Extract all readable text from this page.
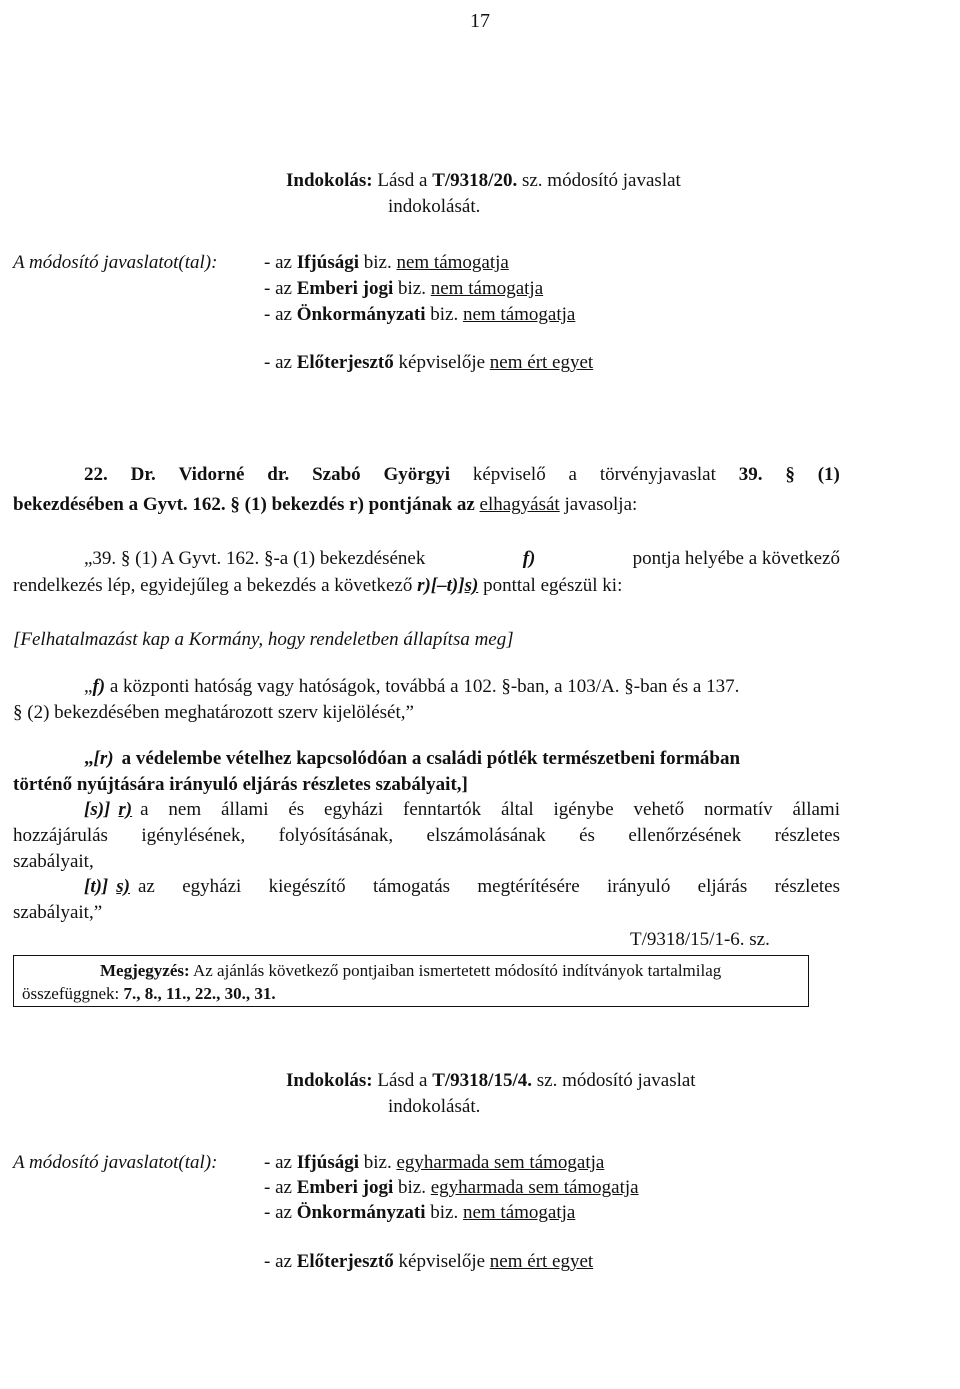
17
Indokolás: Lásd a T/9318/20. sz. módosító javaslat
indokolását.
A módosító javaslatot(tal): - az Ifjúsági biz. nem támogatja
- az Emberi jogi biz. nem támogatja
- az Önkormányzati biz. nem támogatja
- az Előterjesztő képviselője nem ért egyet
22. Dr. Vidorné dr. Szabó Györgyi képviselő a törvényjavaslat 39. § (1)
bekezdésében a Gyvt. 162. § (1) bekezdés r) pontjának az elhagyását javasolja:
„39. § (1) A Gyvt. 162. §-a (1) bekezdésének	f)	pontja helyébe a következő
rendelkezés lép, egyidejűleg a bekezdés a következő r)[–t)]s) ponttal egészül ki:
[Felhatalmazást kap a Kormány, hogy rendeletben állapítsa meg]
„f) a központi hatóság vagy hatóságok, továbbá a 102. §-ban, a 103/A. §-ban és a 137.
§ (2) bekezdésében meghatározott szerv kijelölését,”
„[r) a védelembe vételhez kapcsolódóan a családi pótlék természetbeni formában
történő nyújtására irányuló eljárás részletes szabályait,]
[s)] r) a nem állami és egyházi fenntartók által igénybe vehető normatív állami
hozzájárulás igénylésének, folyósításának, elszámolásának és ellenőrzésének részletes
szabályait,
[t)] s) az egyházi kiegészítő támogatás megtérítésére irányuló eljárás részletes
szabályait,”
T/9318/15/1-6. sz.
Megjegyzés: Az ajánlás következő pontjaiban ismertetett módosító indítványok tartalmilag
összefüggnek: 7., 8., 11., 22., 30., 31.
Indokolás: Lásd a T/9318/15/4. sz. módosító javaslat
indokolását.
A módosító javaslatot(tal): - az Ifjúsági biz. egyharmada sem támogatja
- az Emberi jogi biz. egyharmada sem támogatja
- az Önkormányzati biz. nem támogatja
- az Előterjesztő képviselője nem ért egyet
